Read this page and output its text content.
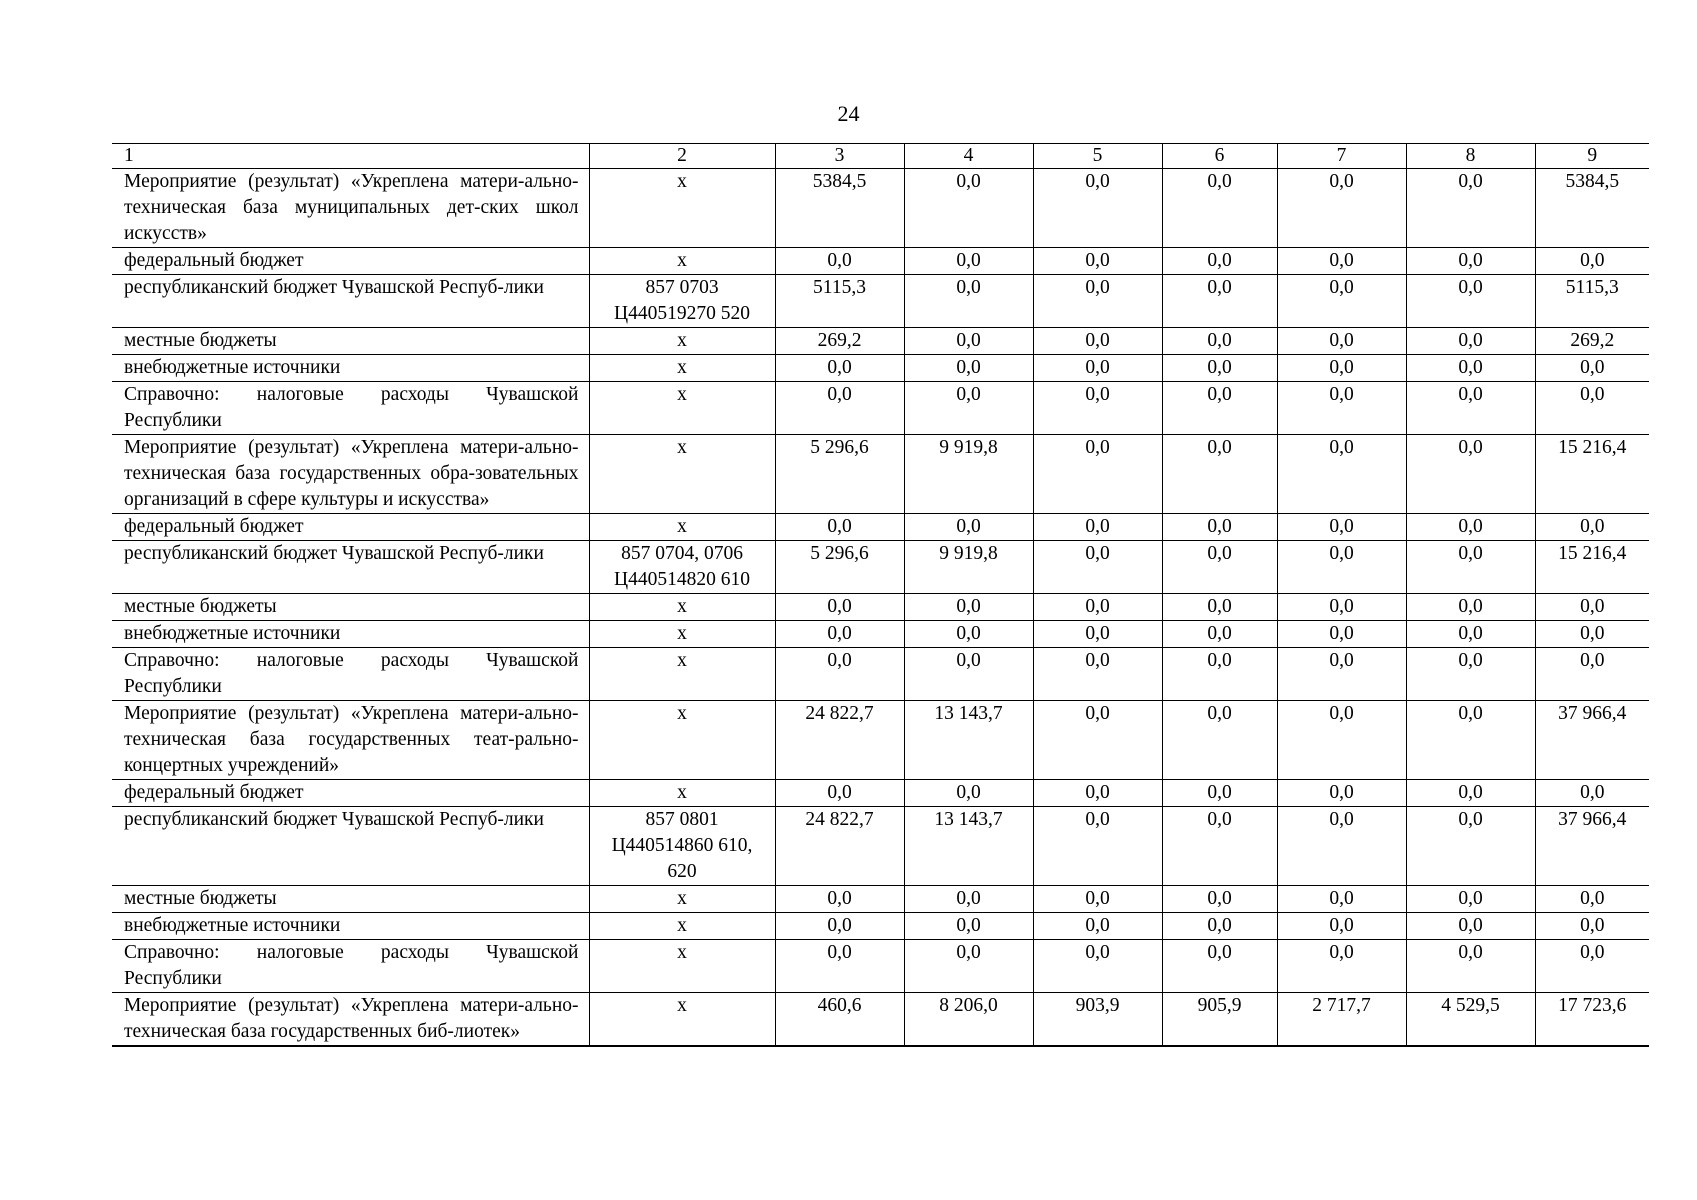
24
1	2	3	4	5	6	7	8	9
Мероприятие (результат) «Укреплена матери-ально-техническая база муниципальных дет-ских школ искусств»	x	5384,5	0,0	0,0	0,0	0,0	0,0	5384,5
федеральный бюджет	x	0,0	0,0	0,0	0,0	0,0	0,0	0,0
республиканский бюджет Чувашской Респуб-лики	857 0703 Ц440519270 520	5115,3	0,0	0,0	0,0	0,0	0,0	5115,3
местные бюджеты	x	269,2	0,0	0,0	0,0	0,0	0,0	269,2
внебюджетные источники	x	0,0	0,0	0,0	0,0	0,0	0,0	0,0
Справочно: налоговые расходы Чувашской Республики	x	0,0	0,0	0,0	0,0	0,0	0,0	0,0
Мероприятие (результат) «Укреплена матери-ально-техническая база государственных обра-зовательных организаций в сфере культуры и искусства»	x	5 296,6	9 919,8	0,0	0,0	0,0	0,0	15 216,4
федеральный бюджет	x	0,0	0,0	0,0	0,0	0,0	0,0	0,0
республиканский бюджет Чувашской Респуб-лики	857 0704, 0706 Ц440514820 610	5 296,6	9 919,8	0,0	0,0	0,0	0,0	15 216,4
местные бюджеты	x	0,0	0,0	0,0	0,0	0,0	0,0	0,0
внебюджетные источники	x	0,0	0,0	0,0	0,0	0,0	0,0	0,0
Справочно: налоговые расходы Чувашской Республики	x	0,0	0,0	0,0	0,0	0,0	0,0	0,0
Мероприятие (результат) «Укреплена матери-ально-техническая база государственных теат-рально-концертных учреждений»	x	24 822,7	13 143,7	0,0	0,0	0,0	0,0	37 966,4
федеральный бюджет	x	0,0	0,0	0,0	0,0	0,0	0,0	0,0
республиканский бюджет Чувашской Респуб-лики	857 0801 Ц440514860 610, 620	24 822,7	13 143,7	0,0	0,0	0,0	0,0	37 966,4
местные бюджеты	x	0,0	0,0	0,0	0,0	0,0	0,0	0,0
внебюджетные источники	x	0,0	0,0	0,0	0,0	0,0	0,0	0,0
Справочно: налоговые расходы Чувашской Республики	x	0,0	0,0	0,0	0,0	0,0	0,0	0,0
Мероприятие (результат) «Укреплена матери-ально-техническая база государственных биб-лиотек»	x	460,6	8 206,0	903,9	905,9	2 717,7	4 529,5	17 723,6
